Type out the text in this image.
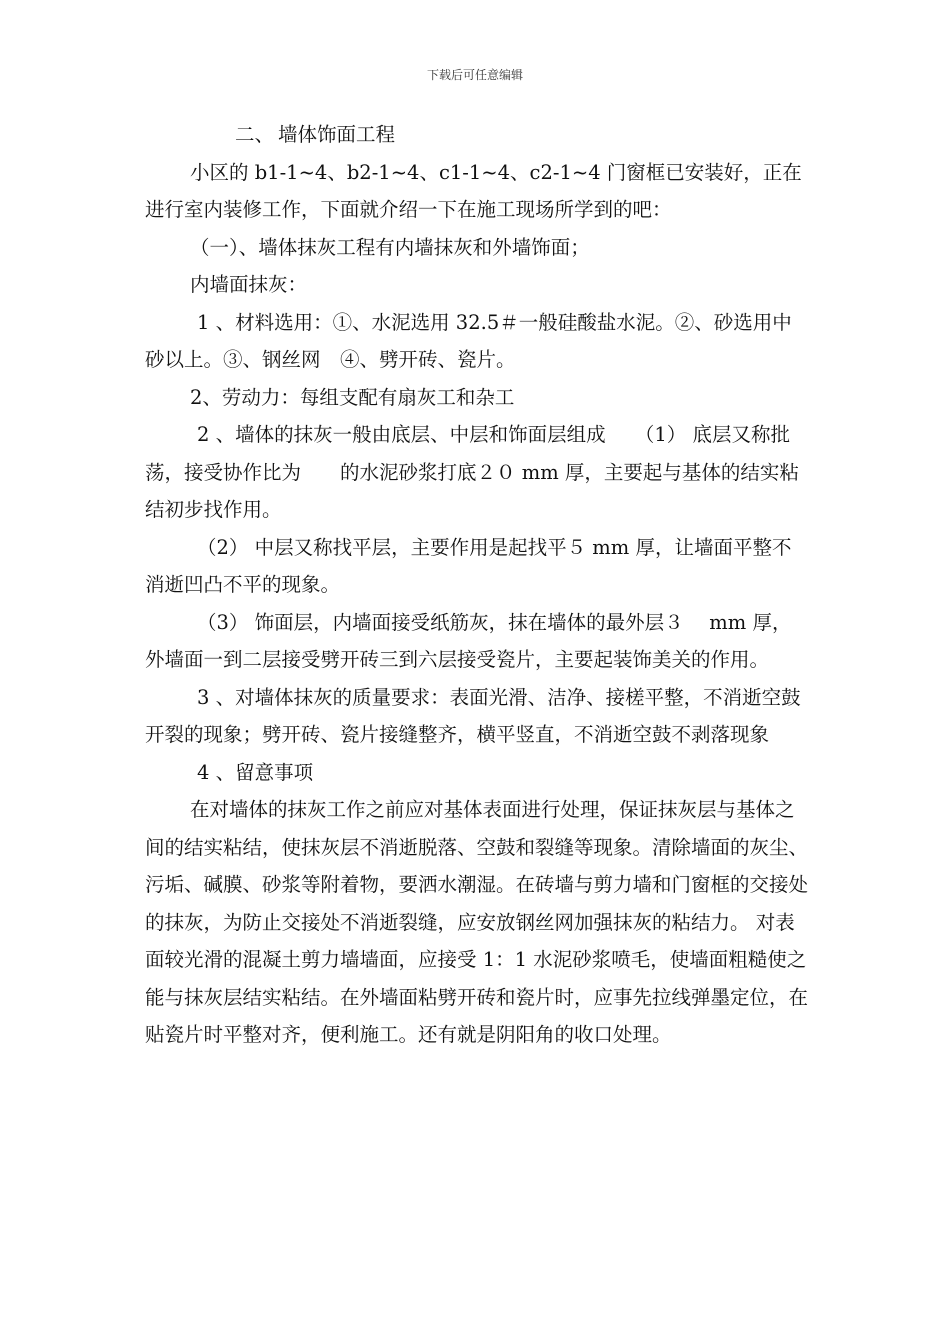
下载后可任意编辑

二、 墙体饰面工程

小区的 b1-1~4、b2-1~4、c1-1~4、c2-1~4 门窗框已安装好，正在进行室内装修工作，下面就介绍一下在施工现场所学到的吧：

（一）、墙体抹灰工程有内墙抹灰和外墙饰面；

内墙面抹灰：

1 、材料选用：①、水泥选用 32.5＃一般硅酸盐水泥。②、砂选用中砂以上。③、钢丝网　④、劈开砖、瓷片。

2、劳动力：每组支配有扇灰工和杂工

2 、墙体的抹灰一般由底层、中层和饰面层组成　　（1） 底层又称批荡，接受协作比为　　的水泥砂浆打底２０ mm 厚，主要起与基体的结实粘结初步找作用。

（2） 中层又称找平层，主要作用是起找平５ mm 厚，让墙面平整不消逝凹凸不平的现象。

（3） 饰面层，内墙面接受纸筋灰，抹在墙体的最外层３　 mm 厚，外墙面一到二层接受劈开砖三到六层接受瓷片，主要起装饰美关的作用。

3 、对墙体抹灰的质量要求：表面光滑、洁净、接槎平整，不消逝空鼓开裂的现象；劈开砖、瓷片接缝整齐，横平竖直，不消逝空鼓不剥落现象

4 、留意事项

在对墙体的抹灰工作之前应对基体表面进行处理，保证抹灰层与基体之间的结实粘结，使抹灰层不消逝脱落、空鼓和裂缝等现象。清除墙面的灰尘、污垢、碱膜、砂浆等附着物，要洒水潮湿。在砖墙与剪力墙和门窗框的交接处的抹灰，为防止交接处不消逝裂缝，应安放钢丝网加强抹灰的粘结力。 对表面较光滑的混凝土剪力墙墙面，应接受 1：1 水泥砂浆喷毛，使墙面粗糙使之能与抹灰层结实粘结。在外墙面粘劈开砖和瓷片时，应事先拉线弹墨定位，在贴瓷片时平整对齐，便利施工。还有就是阴阳角的收口处理。
